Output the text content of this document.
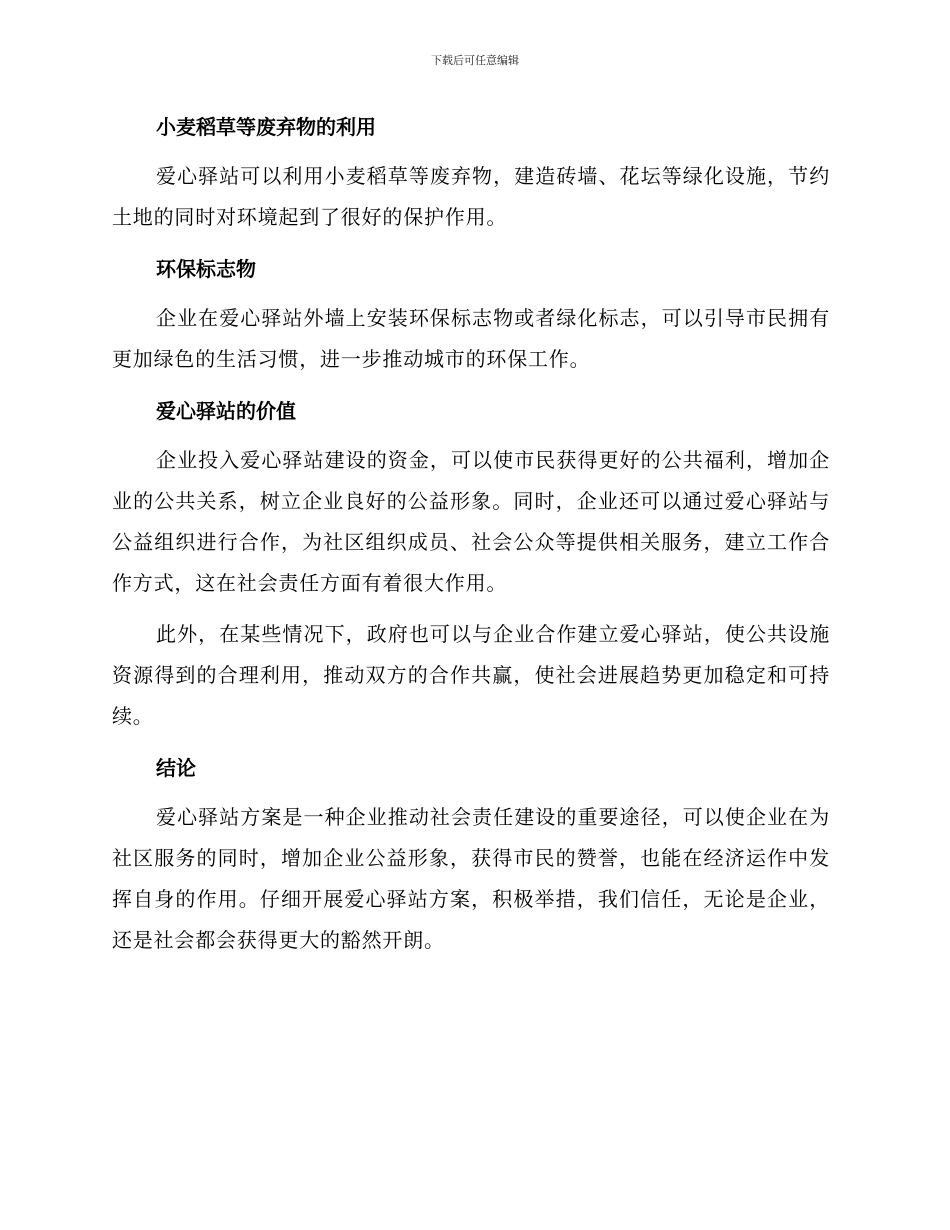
下载后可任意编辑
小麦稻草等废弃物的利用

爱心驿站可以利用小麦稻草等废弃物，建造砖墙、花坛等绿化设施，节约土地的同时对环境起到了很好的保护作用。

环保标志物

企业在爱心驿站外墙上安装环保标志物或者绿化标志，可以引导市民拥有更加绿色的生活习惯，进一步推动城市的环保工作。

爱心驿站的价值

企业投入爱心驿站建设的资金，可以使市民获得更好的公共福利，增加企业的公共关系，树立企业良好的公益形象。同时，企业还可以通过爱心驿站与公益组织进行合作，为社区组织成员、社会公众等提供相关服务，建立工作合作方式，这在社会责任方面有着很大作用。

此外，在某些情况下，政府也可以与企业合作建立爱心驿站，使公共设施资源得到的合理利用，推动双方的合作共赢，使社会进展趋势更加稳定和可持续。

结论

爱心驿站方案是一种企业推动社会责任建设的重要途径，可以使企业在为社区服务的同时，增加企业公益形象，获得市民的赞誉，也能在经济运作中发挥自身的作用。仔细开展爱心驿站方案，积极举措，我们信任，无论是企业，还是社会都会获得更大的豁然开朗。
